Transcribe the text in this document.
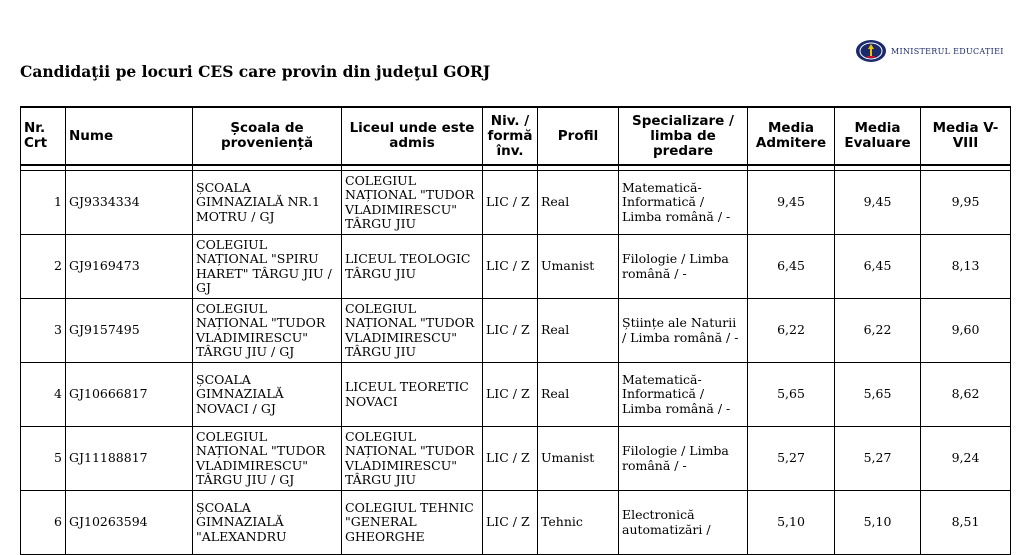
MINISTERUL EDUCAȚIEI
Candidaţii pe locuri CES care provin din judeţul GORJ
Nr. Crt	Nume	Școala de proveniență	Liceul unde este admis	Niv. / formă înv.	Profil	Specializare / limba de predare	Media Admitere	Media Evaluare	Media V-VIII

1	GJ9334334	ȘCOALA GIMNAZIALĂ NR.1 MOTRU / GJ	COLEGIUL NAȚIONAL "TUDOR VLADIMIRESCU" TÂRGU JIU	LIC / Z	Real	Matematică-Informatică / Limba română / -	9,45	9,45	9,95
2	GJ9169473	COLEGIUL NAȚIONAL "SPIRU HARET" TÂRGU JIU / GJ	LICEUL TEOLOGIC TÂRGU JIU	LIC / Z	Umanist	Filologie / Limba română / -	6,45	6,45	8,13
3	GJ9157495	COLEGIUL NAȚIONAL "TUDOR VLADIMIRESCU" TÂRGU JIU / GJ	COLEGIUL NAȚIONAL "TUDOR VLADIMIRESCU" TÂRGU JIU	LIC / Z	Real	Științe ale Naturii / Limba română / -	6,22	6,22	9,60
4	GJ10666817	ȘCOALA GIMNAZIALĂ NOVACI / GJ	LICEUL TEORETIC NOVACI	LIC / Z	Real	Matematică-Informatică / Limba română / -	5,65	5,65	8,62
5	GJ11188817	COLEGIUL NAȚIONAL "TUDOR VLADIMIRESCU" TÂRGU JIU / GJ	COLEGIUL NAȚIONAL "TUDOR VLADIMIRESCU" TÂRGU JIU	LIC / Z	Umanist	Filologie / Limba română / -	5,27	5,27	9,24
6	GJ10263594	ȘCOALA GIMNAZIALĂ "ALEXANDRU	COLEGIUL TEHNIC "GENERAL GHEORGHE	LIC / Z	Tehnic	Electronică automatizări /	5,10	5,10	8,51
